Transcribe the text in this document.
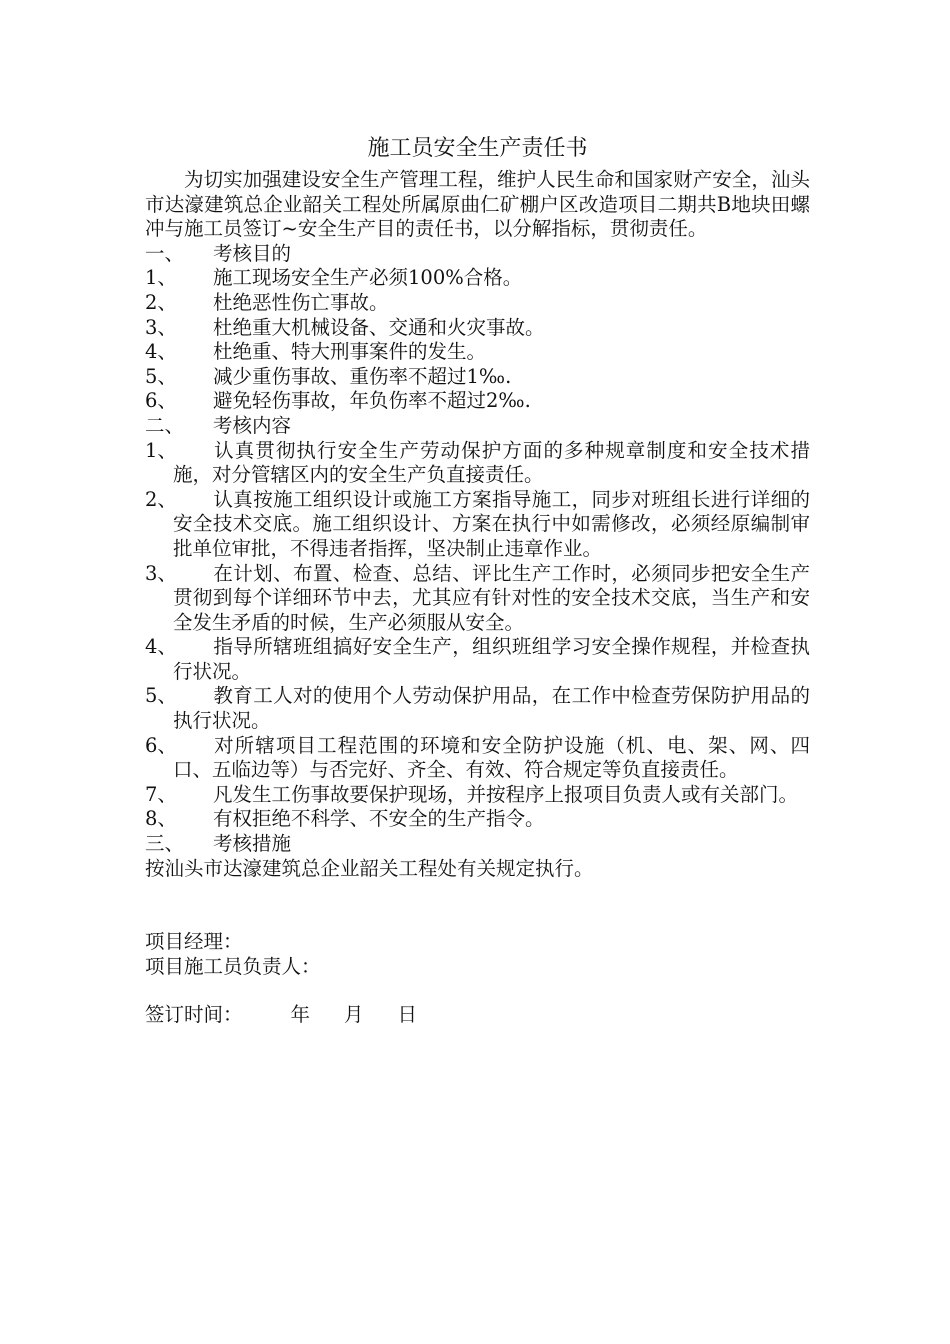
施工员安全生产责任书

为切实加强建设安全生产管理工程，维护人民生命和国家财产安全，汕头市达濠建筑总企业韶关工程处所属原曲仁矿棚户区改造项目二期共B地块田螺冲与施工员签订~安全生产目的责任书，以分解指标，贯彻责任。

一、 考核目的

1、 施工现场安全生产必须100%合格。

2、 杜绝恶性伤亡事故。

3、 杜绝重大机械设备、交通和火灾事故。

4、 杜绝重、特大刑事案件的发生。

5、 减少重伤事故、重伤率不超过1‰.

6、 避免轻伤事故，年负伤率不超过2‰.

二、 考核内容

1、 认真贯彻执行安全生产劳动保护方面的多种规章制度和安全技术措施，对分管辖区内的安全生产负直接责任。

2、 认真按施工组织设计或施工方案指导施工，同步对班组长进行详细的安全技术交底。施工组织设计、方案在执行中如需修改，必须经原编制审批单位审批，不得违者指挥，坚决制止违章作业。

3、 在计划、布置、检查、总结、评比生产工作时，必须同步把安全生产贯彻到每个详细环节中去，尤其应有针对性的安全技术交底，当生产和安全发生矛盾的时候，生产必须服从安全。

4、 指导所辖班组搞好安全生产，组织班组学习安全操作规程，并检查执行状况。

5、 教育工人对的使用个人劳动保护用品，在工作中检查劳保防护用品的执行状况。

6、 对所辖项目工程范围的环境和安全防护设施（机、电、架、网、四口、五临边等）与否完好、齐全、有效、符合规定等负直接责任。

7、 凡发生工伤事故要保护现场，并按程序上报项目负责人或有关部门。

8、 有权拒绝不科学、不安全的生产指令。

三、 考核措施

按汕头市达濠建筑总企业韶关工程处有关规定执行。

项目经理：

项目施工员负责人：

签订时间： 年 月 日
